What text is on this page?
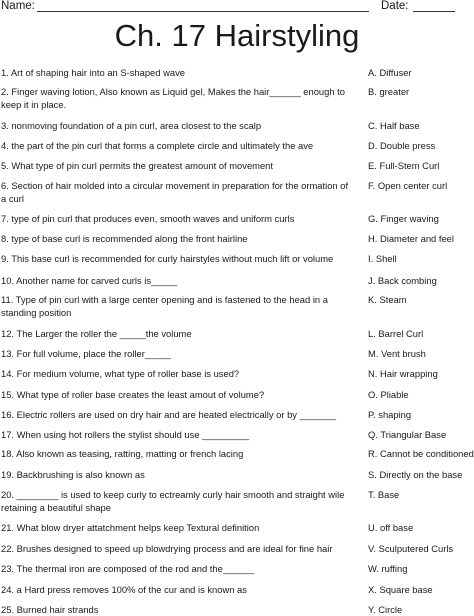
Name:	Date:
Ch. 17 Hairstyling

1. Art of shaping hair into an S-shaped wave

2. Finger waving lotion, Also known as Liquid gel, Makes the hair______ enough to keep it in place.

3. nonmoving foundation of a pin curl, area closest to the scalp

4. the part of the pin curl that forms a complete circle and ultimately the ave

5. What type of pin curl permits the greatest amount of movement

6. Section of hair molded into a circular movement in preparation for the ormation of a curl

7. type of pin curl that produces even, smooth waves and uniform curls

8. type of base curl is recommended along the front hairline

9. This base curl is recommended for curly hairstyles without much lift or volume

10. Another name for carved curls is_____

11. Type of pin curl with a large center opening and is fastened to the head in a standing position

12. The Larger the roller the _____the volume

13. For full volume, place the roller_____

14. For medium volume, what type of roller base is used?

15. What type of roller base creates the least amout of volume?

16. Electric rollers are used on dry hair and are heated electrically or by _______

17. When using hot rollers the stylist should use _________

18. Also known as teasing, ratting, matting or french lacing

19. Backbrushing is also known as

20. ________ is used to keep curly to ectreamly curly hair smooth and straight wile retaining a beautiful shape

21. What blow dryer attatchment helps keep Textural definition

22. Brushes designed to speed up blowdrying process and are ideal for fine hair

23. The thermal iron are composed of the rod and the______

24. a Hard press removes 100% of the cur and is known as

25. Burned hair strands

A. Diffuser

B. greater

C. Half base

D. Double press

E. Full-Stem Curl

F. Open center curl

G. Finger waving

H. Diameter and feel

I. Shell

J. Back combing

K. Steam

L. Barrel Curl

M. Vent brush

N. Hair wrapping

O. Pliable

P. shaping

Q. Triangular Base

R. Cannot be conditioned

S. Directly on the base

T. Base

U. off base

V. Sculputered Curls

W. ruffing

X. Square base

Y. Circle
